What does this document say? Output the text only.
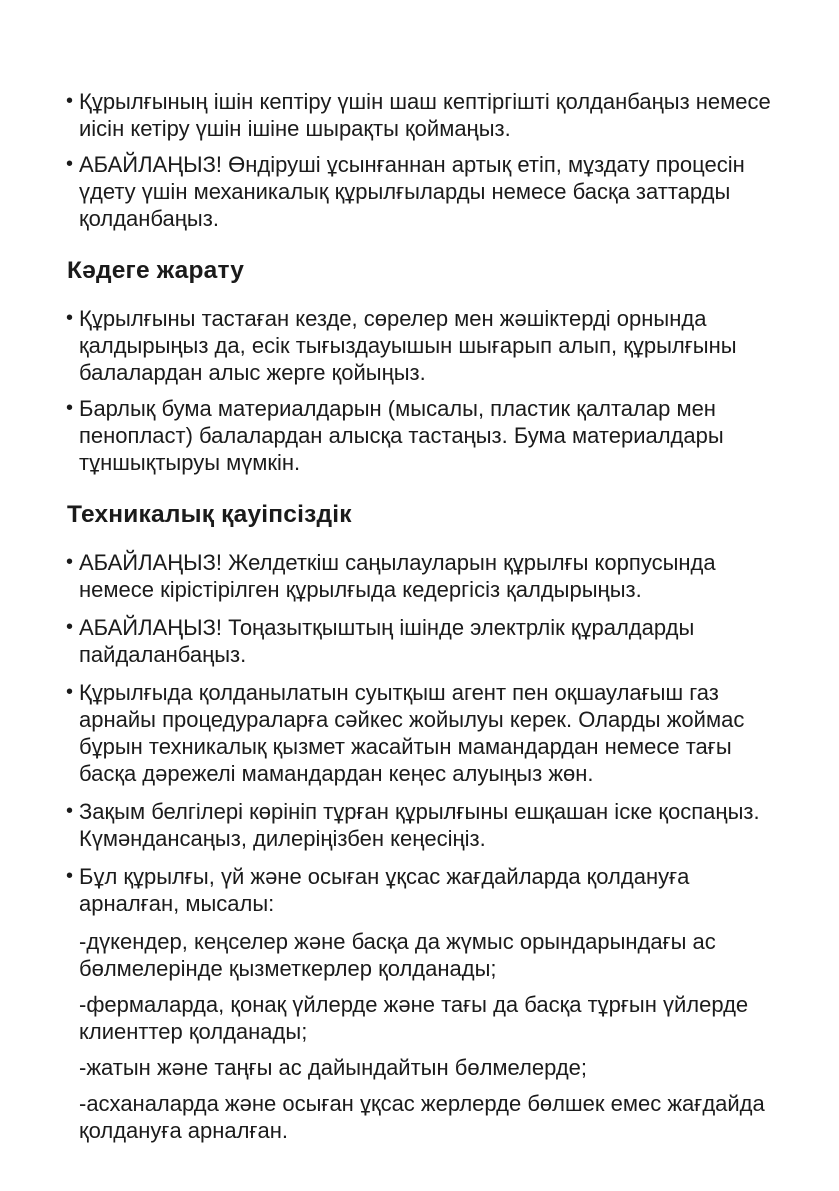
• Құрылғының ішін кептіру үшін шаш кептіргішті қолданбаңыз немесе иісін кетіру үшін ішіне шырақты қоймаңыз.

• АБАЙЛАҢЫЗ! Өндіруші ұсынғаннан артық етіп, мұздату процесін үдету үшін механикалық құрылғыларды немесе басқа заттарды қолданбаңыз.

Кәдеге жарату
• Құрылғыны тастаған кезде, сөрелер мен жәшіктерді орнында қалдырыңыз да, есік тығыздауышын шығарып алып, құрылғыны балалардан алыс жерге қойыңыз.

• Барлық бума материалдарын (мысалы, пластик қалталар мен пенопласт) балалардан алысқа тастаңыз. Бума материалдары тұншықтыруы мүмкін.

Техникалық қауіпсіздік
• АБАЙЛАҢЫЗ! Желдеткіш саңылауларын құрылғы корпусында немесе кірістірілген құрылғыда кедергісіз қалдырыңыз.

• АБАЙЛАҢЫЗ! Тоңазытқыштың ішінде электрлік құралдарды пайдаланбаңыз.

• Құрылғыда қолданылатын суытқыш агент пен оқшаулағыш газ арнайы процедураларға сәйкес жойылуы керек. Оларды жоймас бұрын техникалық қызмет жасайтын мамандардан немесе тағы басқа дәрежелі мамандардан кеңес алуыңыз жөн.

• Зақым белгілері көрініп тұрған құрылғыны ешқашан іске қоспаңыз. Күмәндансаңыз, дилеріңізбен кеңесіңіз.

• Бұл құрылғы, үй және осыған ұқсас жағдайларда қолдануға арналған, мысалы:

-дүкендер, кеңселер және басқа да жүмыс орындарындағы ас бөлмелерінде қызметкерлер қолданады;

-фермаларда, қонақ үйлерде және тағы да басқа тұрғын үйлерде клиенттер қолданады;

-жатын және таңғы ас дайындайтын бөлмелерде;

-асханаларда және осыған ұқсас жерлерде бөлшек емес жағдайда қолдануға арналған.
